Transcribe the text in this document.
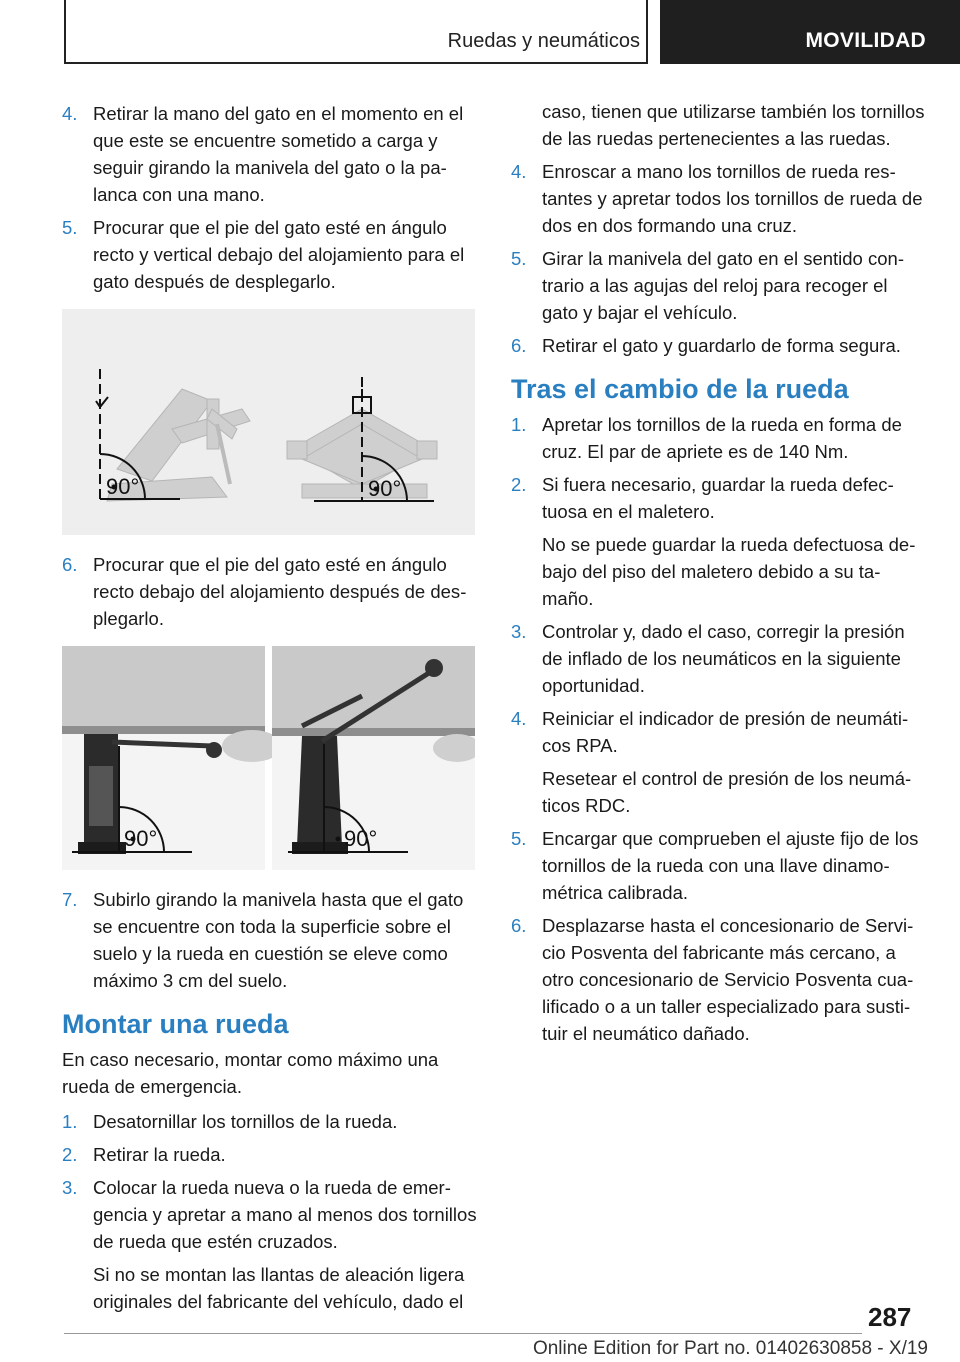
Ruedas y neumáticos	MOVILIDAD
4. Retirar la mano del gato en el momento en el que este se encuentre sometido a carga y seguir girando la manivela del gato o la palanca con una mano.
5. Procurar que el pie del gato esté en ángulo recto y vertical debajo del alojamiento para el gato después de desplegarlo.
90°	90°
6. Procurar que el pie del gato esté en ángulo recto debajo del alojamiento después de desplegarlo.
90°	90°
7. Subirlo girando la manivela hasta que el gato se encuentre con toda la superficie sobre el suelo y la rueda en cuestión se eleve como máximo 3 cm del suelo.
Montar una rueda
En caso necesario, montar como máximo una rueda de emergencia.
1. Desatornillar los tornillos de la rueda.
2. Retirar la rueda.
3. Colocar la rueda nueva o la rueda de emergencia y apretar a mano al menos dos tornillos de rueda que estén cruzados.
Si no se montan las llantas de aleación ligera originales del fabricante del vehículo, dado el
caso, tienen que utilizarse también los tornillos de las ruedas pertenecientes a las ruedas.
4. Enroscar a mano los tornillos de rueda restantes y apretar todos los tornillos de rueda de dos en dos formando una cruz.
5. Girar la manivela del gato en el sentido contrario a las agujas del reloj para recoger el gato y bajar el vehículo.
6. Retirar el gato y guardarlo de forma segura.
Tras el cambio de la rueda
1. Apretar los tornillos de la rueda en forma de cruz. El par de apriete es de 140 Nm.
2. Si fuera necesario, guardar la rueda defectuosa en el maletero.
No se puede guardar la rueda defectuosa debajo del piso del maletero debido a su tamaño.
3. Controlar y, dado el caso, corregir la presión de inflado de los neumáticos en la siguiente oportunidad.
4. Reiniciar el indicador de presión de neumáticos RPA.
Resetear el control de presión de los neumáticos RDC.
5. Encargar que comprueben el ajuste fijo de los tornillos de la rueda con una llave dinamométrica calibrada.
6. Desplazarse hasta el concesionario de Servicio Posventa del fabricante más cercano, a otro concesionario de Servicio Posventa cualificado o a un taller especializado para sustituir el neumático dañado.
287
Online Edition for Part no. 01402630858 - X/19
